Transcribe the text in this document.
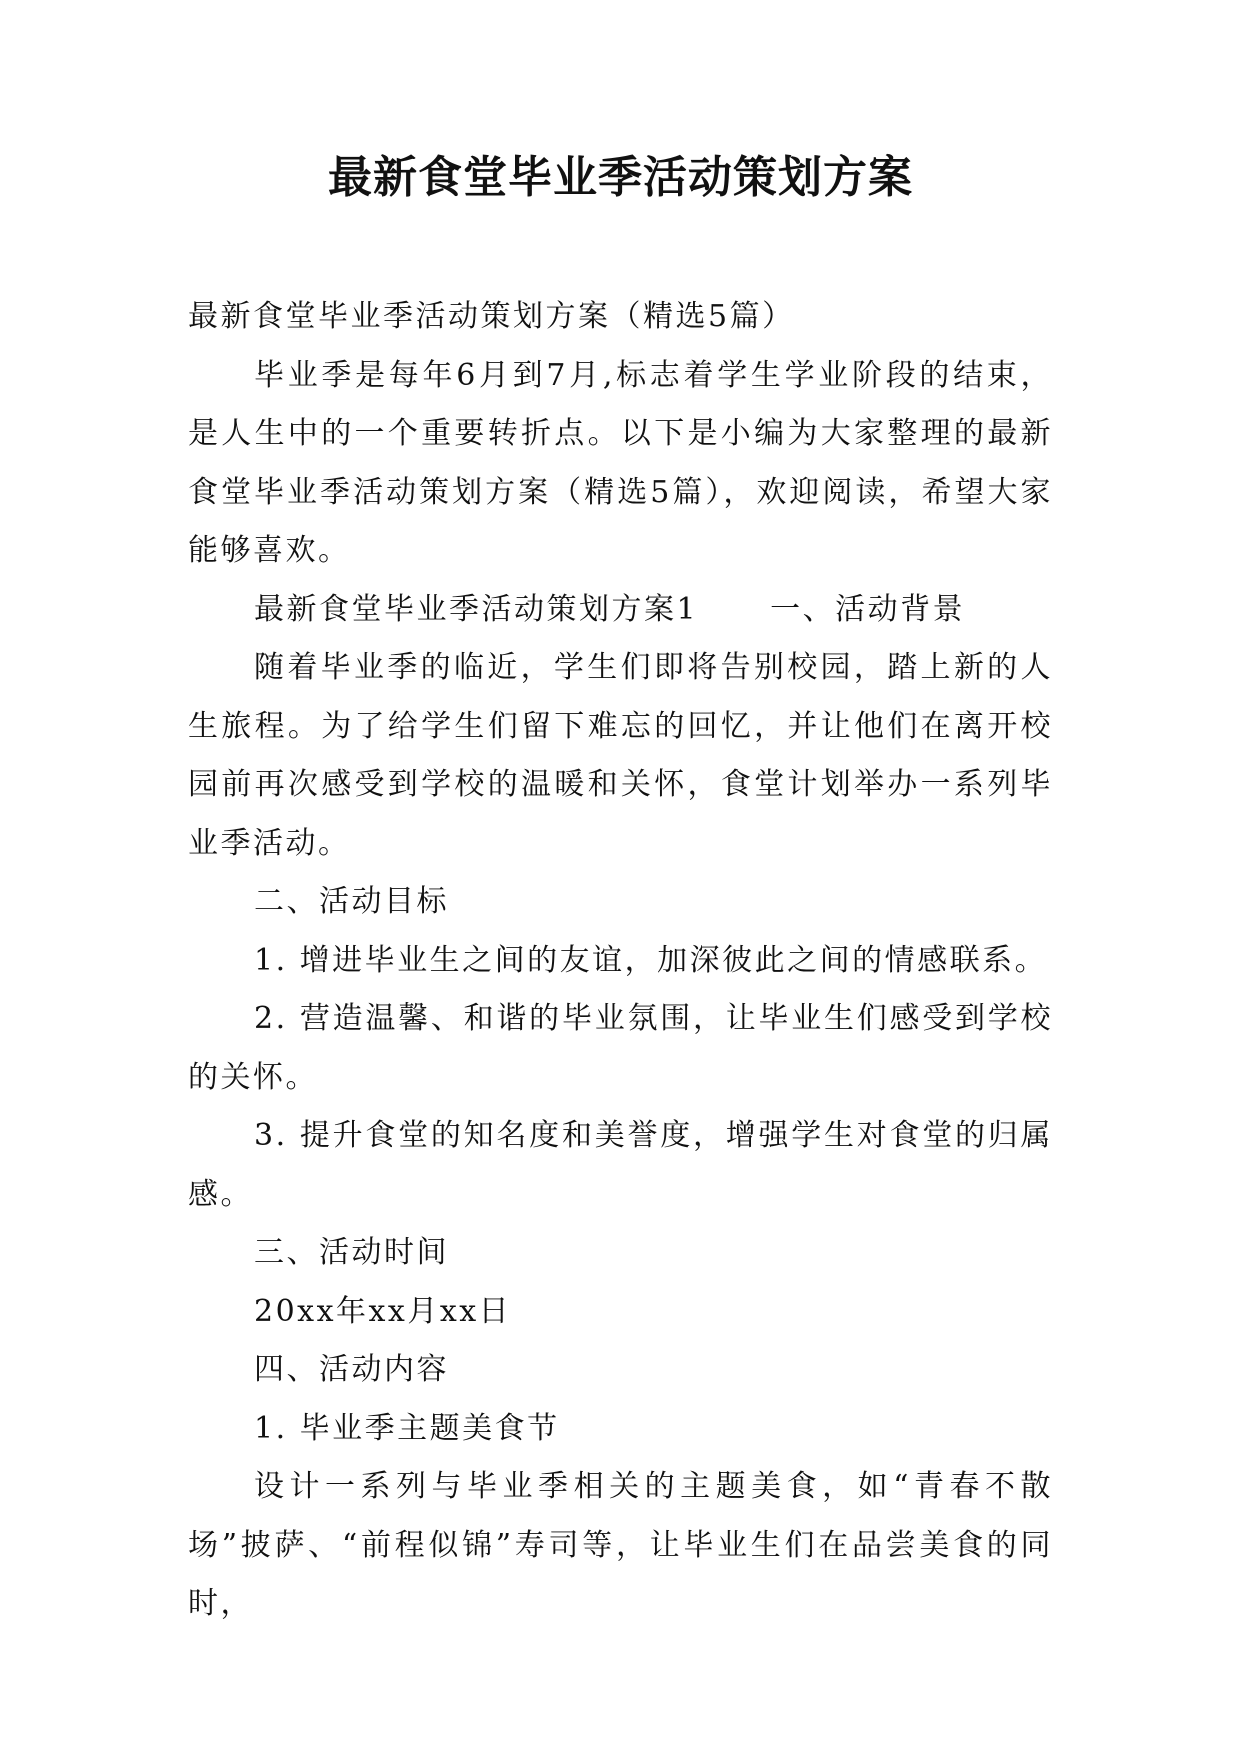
最新食堂毕业季活动策划方案

最新食堂毕业季活动策划方案（精选5篇）

毕业季是每年6月到7月,标志着学生学业阶段的结束，是人生中的一个重要转折点。以下是小编为大家整理的最新食堂毕业季活动策划方案（精选5篇），欢迎阅读，希望大家能够喜欢。

最新食堂毕业季活动策划方案1 一、活动背景

随着毕业季的临近，学生们即将告别校园，踏上新的人生旅程。为了给学生们留下难忘的回忆，并让他们在离开校园前再次感受到学校的温暖和关怀，食堂计划举办一系列毕业季活动。

二、活动目标

1. 增进毕业生之间的友谊，加深彼此之间的情感联系。

2. 营造温馨、和谐的毕业氛围，让毕业生们感受到学校的关怀。

3. 提升食堂的知名度和美誉度，增强学生对食堂的归属感。

三、活动时间

20xx年xx月xx日

四、活动内容

1. 毕业季主题美食节

设计一系列与毕业季相关的主题美食，如“青春不散场”披萨、“前程似锦”寿司等，让毕业生们在品尝美食的同时，
